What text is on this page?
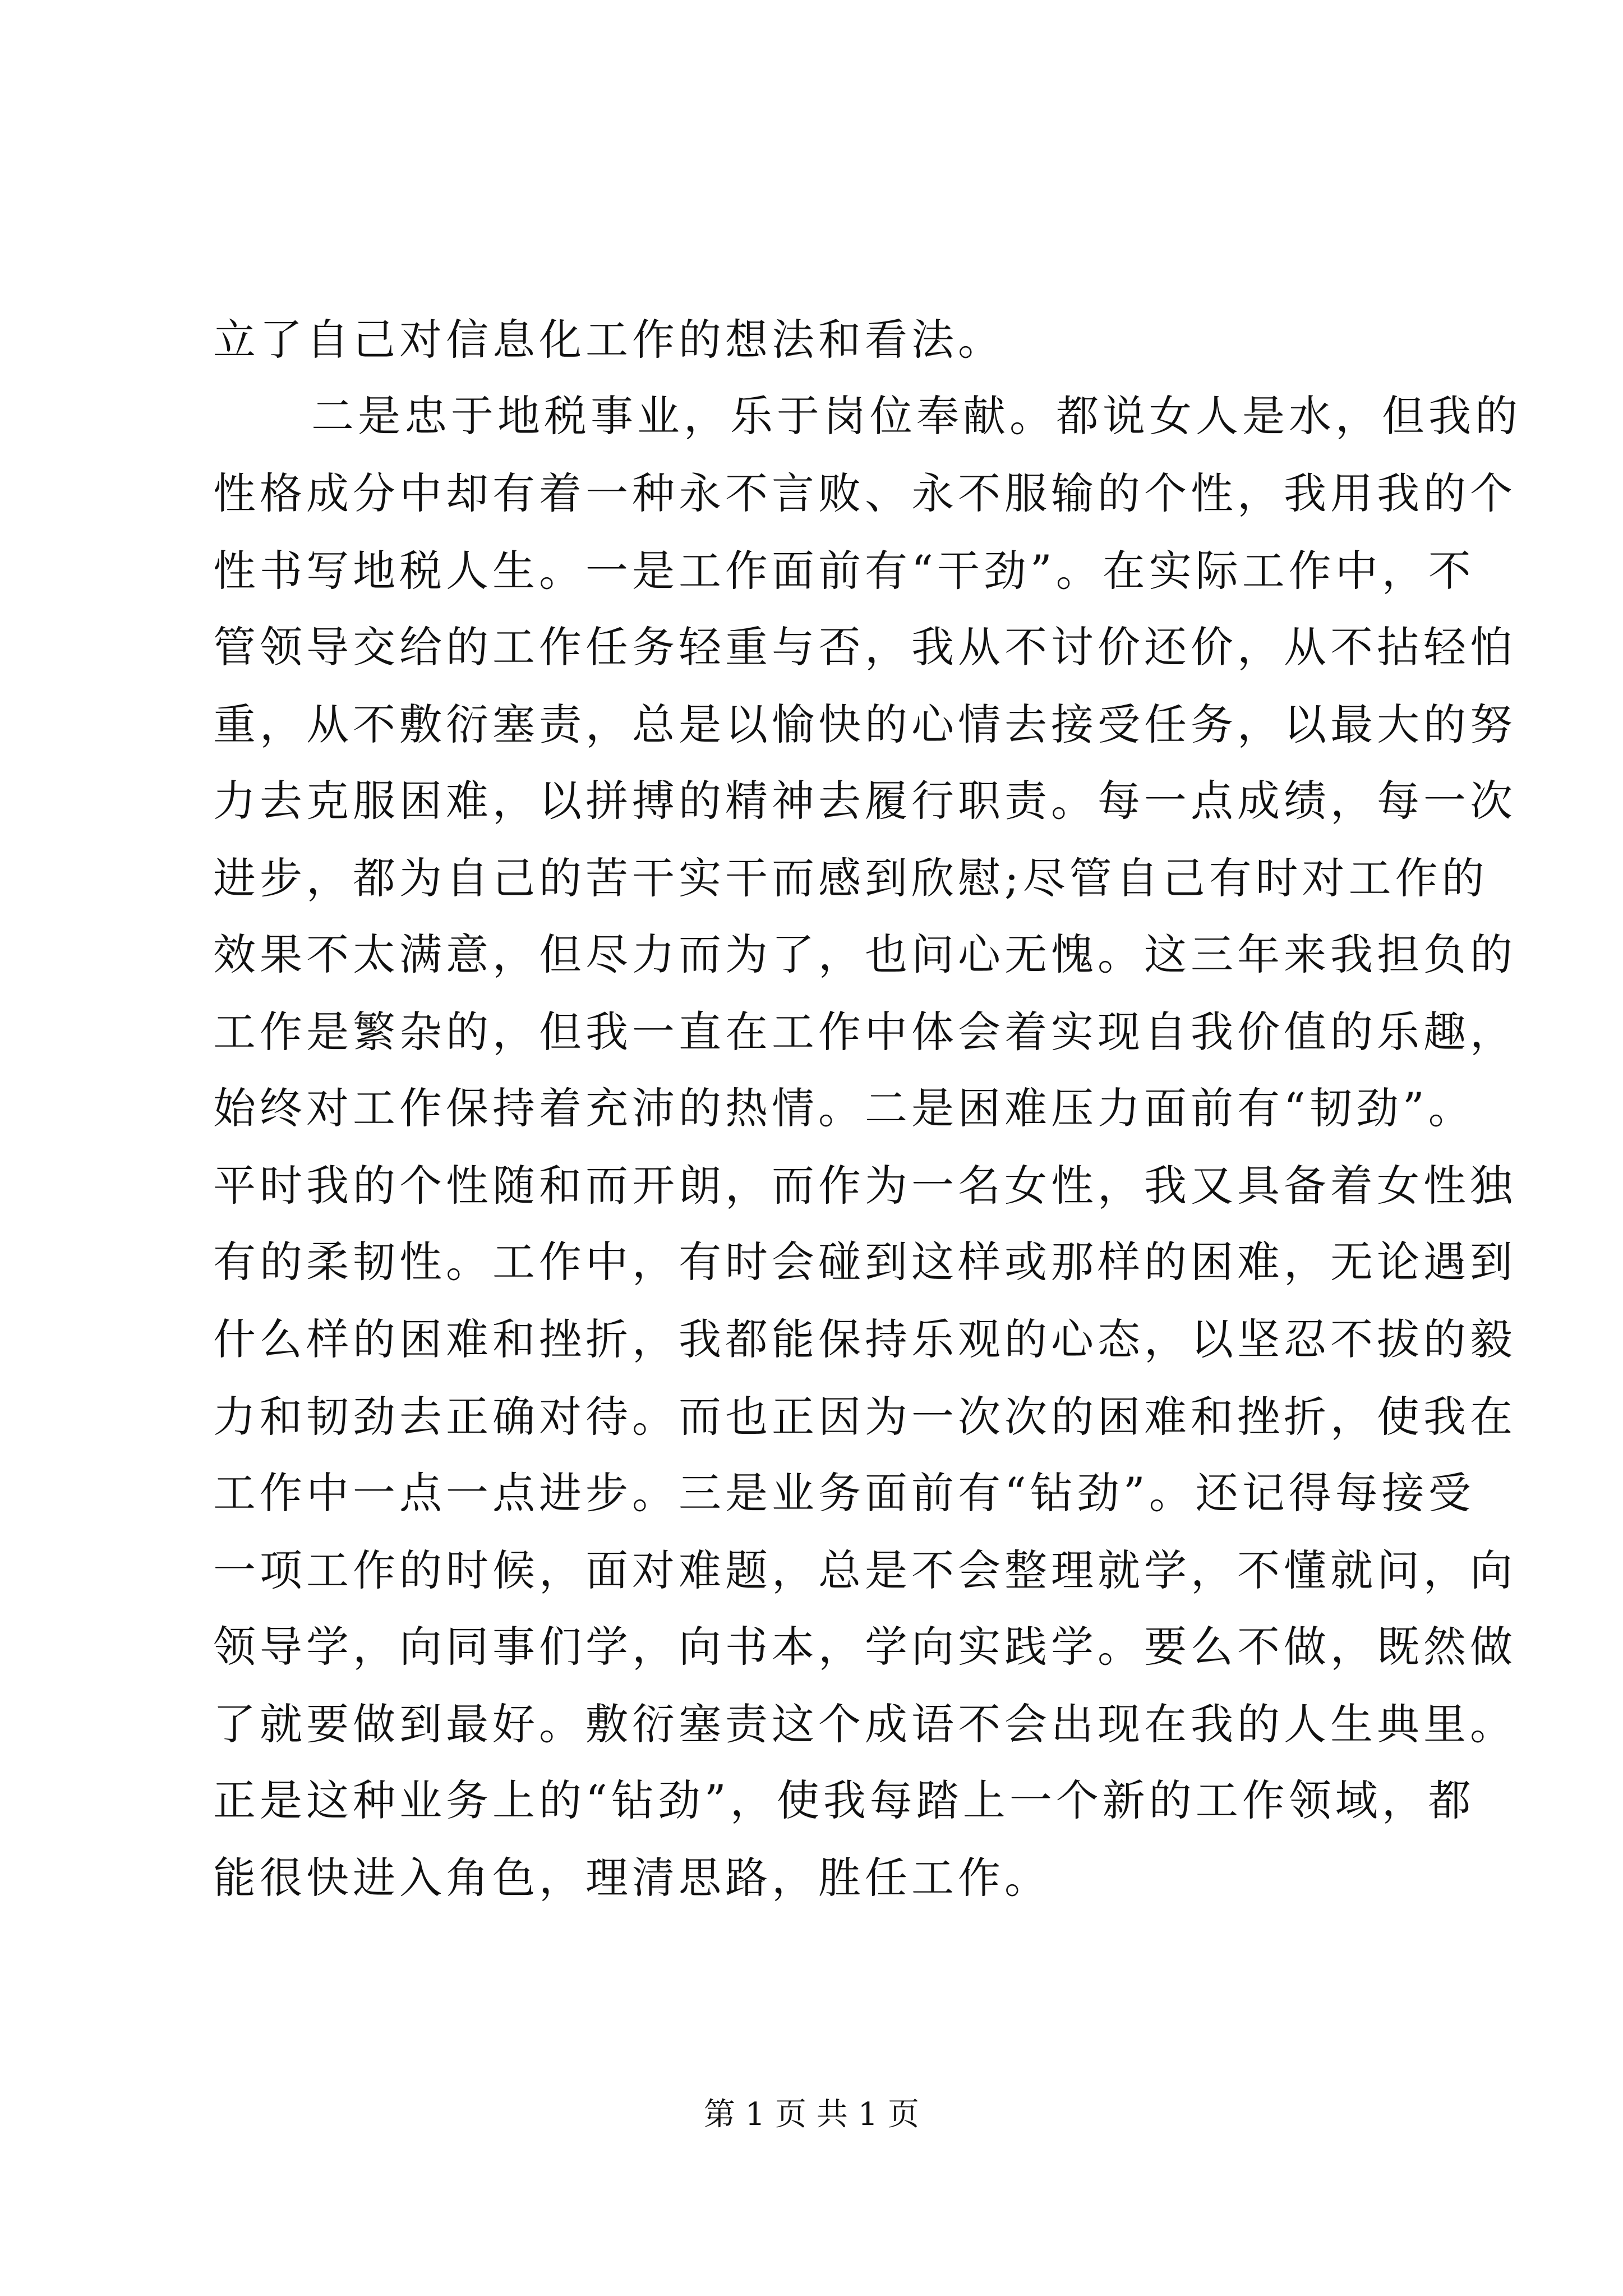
立了自己对信息化工作的想法和看法。
二是忠于地税事业，乐于岗位奉献。都说女人是水，但我的
性格成分中却有着一种永不言败、永不服输的个性，我用我的个
性书写地税人生。一是工作面前有“干劲”。在实际工作中，不
管领导交给的工作任务轻重与否，我从不讨价还价，从不拈轻怕
重，从不敷衍塞责，总是以愉快的心情去接受任务，以最大的努
力去克服困难，以拼搏的精神去履行职责。每一点成绩，每一次
进步，都为自己的苦干实干而感到欣慰;尽管自己有时对工作的
效果不太满意，但尽力而为了，也问心无愧。这三年来我担负的
工作是繁杂的，但我一直在工作中体会着实现自我价值的乐趣，
始终对工作保持着充沛的热情。二是困难压力面前有“韧劲”。
平时我的个性随和而开朗，而作为一名女性，我又具备着女性独
有的柔韧性。工作中，有时会碰到这样或那样的困难，无论遇到
什么样的困难和挫折，我都能保持乐观的心态，以坚忍不拔的毅
力和韧劲去正确对待。而也正因为一次次的困难和挫折，使我在
工作中一点一点进步。三是业务面前有“钻劲”。还记得每接受
一项工作的时候，面对难题，总是不会整理就学，不懂就问，向
领导学，向同事们学，向书本，学向实践学。要么不做，既然做
了就要做到最好。敷衍塞责这个成语不会出现在我的人生典里。
正是这种业务上的“钻劲”，使我每踏上一个新的工作领域，都
能很快进入角色，理清思路，胜任工作。
第 1 页 共 1 页
